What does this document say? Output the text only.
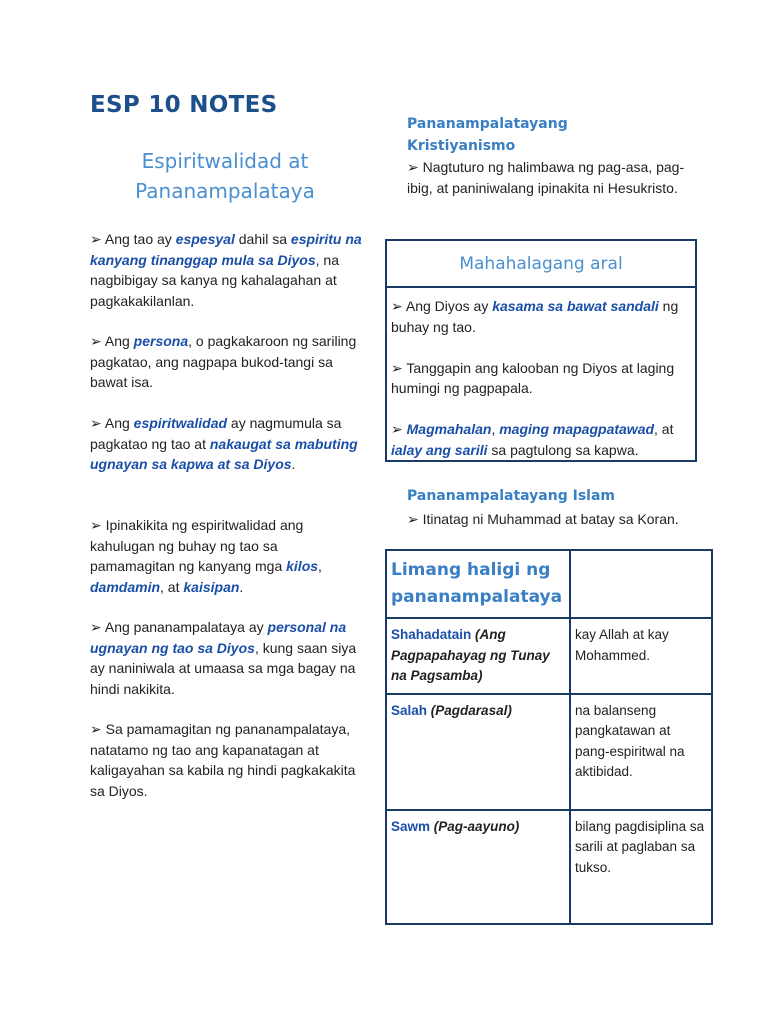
ESP 10 NOTES
Espiritwalidad at Pananampalataya
➢ Ang tao ay espesyal dahil sa espiritu na kanyang tinanggap mula sa Diyos, na nagbibigay sa kanya ng kahalagahan at pagkakakilanlan.
➢ Ang persona, o pagkakaroon ng sariling pagkatao, ang nagpapa bukod-tangi sa bawat isa.
➢ Ang espiritwalidad ay nagmumula sa pagkatao ng tao at nakaugat sa mabuting ugnayan sa kapwa at sa Diyos.
➢ Ipinakikita ng espiritwalidad ang kahulugan ng buhay ng tao sa pamamagitan ng kanyang mga kilos, damdamin, at kaisipan.
➢ Ang pananampalataya ay personal na ugnayan ng tao sa Diyos, kung saan siya ay naniniwala at umaasa sa mga bagay na hindi nakikita.
➢ Sa pamamagitan ng pananampalataya, natatamo ng tao ang kapanatagan at kaligayahan sa kabila ng hindi pagkakakita sa Diyos.
Pananampalatayang Kristiyanismo
➢ Nagtuturo ng halimbawa ng pag-asa, pag-ibig, at paniniwalang ipinakita ni Hesukristo.
Mahahalagang aral

➢ Ang Diyos ay kasama sa bawat sandali ng buhay ng tao.

➢ Tanggapin ang kalooban ng Diyos at laging humingi ng pagpapala.

➢ Magmahalan, maging mapagpatawad, at ialay ang sarili sa pagtulong sa kapwa.

Pananampalatayang Islam
➢ Itinatag ni Muhammad at batay sa Koran.
Limang haligi ng pananampalataya	

Shahadatain (Ang Pagpapahayag ng Tunay na Pagsamba)	kay Allah at kay Mohammed.
Salah (Pagdarasal)	na balanseng pangkatawan at pang-espiritwal na aktibidad.
Sawm (Pag-aayuno)	bilang pagdisiplina sa sarili at paglaban sa tukso.
